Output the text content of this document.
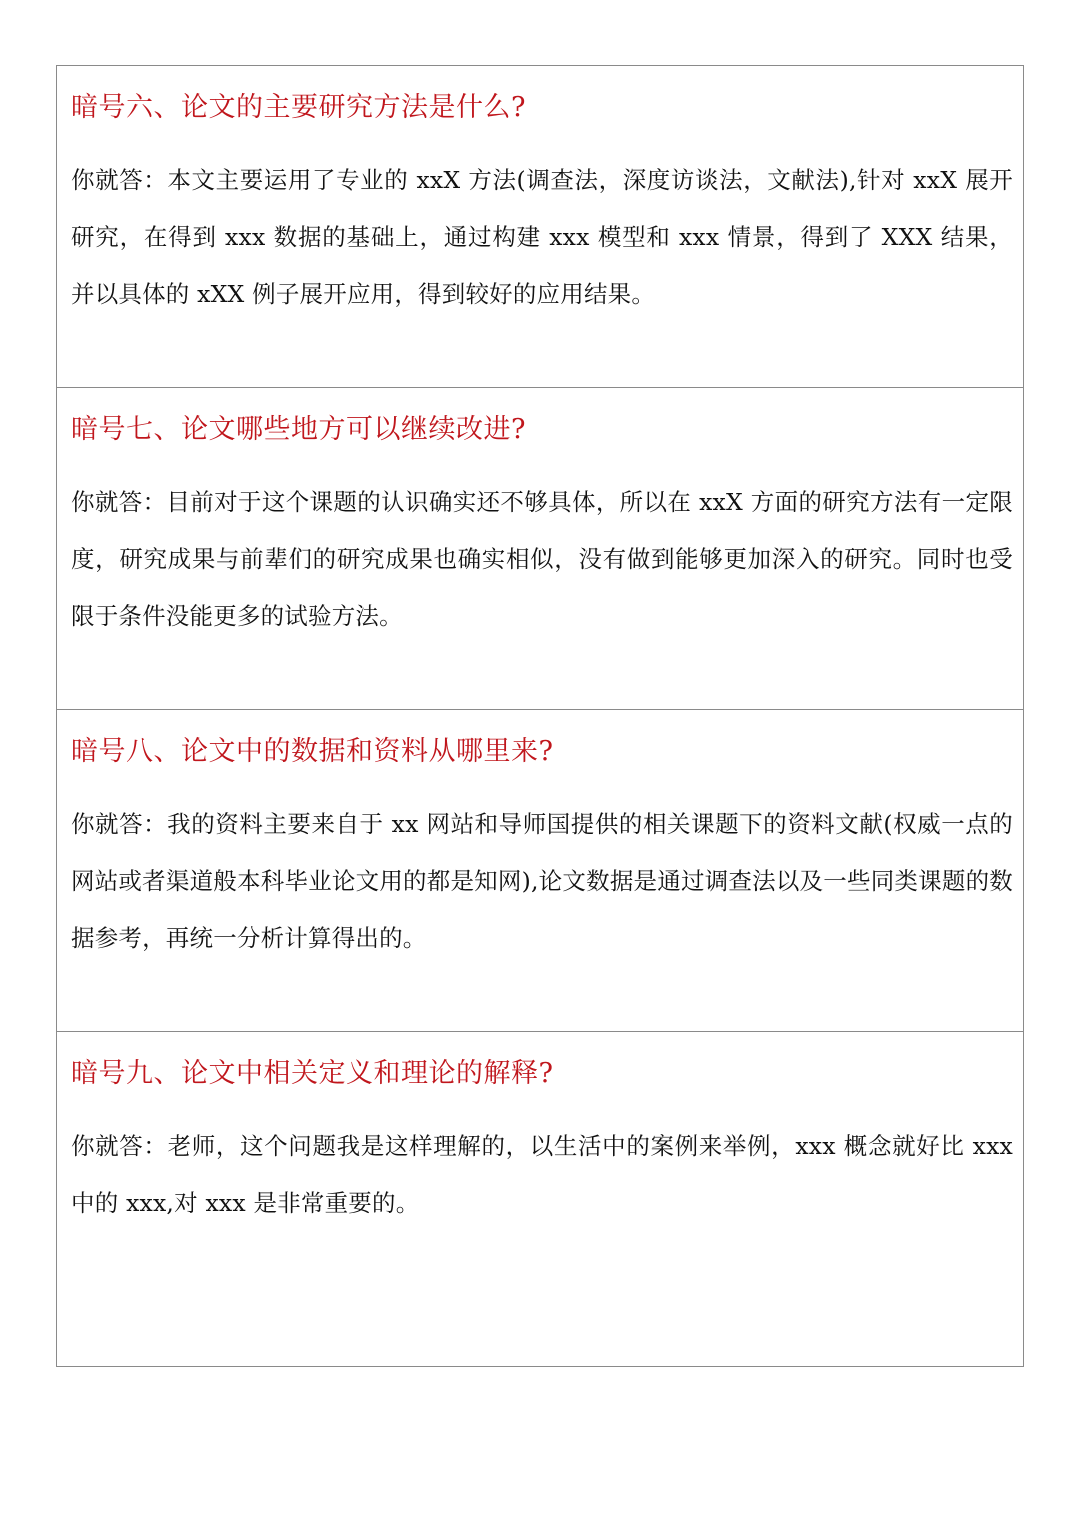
暗号六、论文的主要研究方法是什么?

你就答：本文主要运用了专业的 xxX 方法(调查法，深度访谈法，文献法),针对 xxX 展开研究，在得到 xxx 数据的基础上，通过构建 xxx 模型和 xxx 情景，得到了 XXX 结果，并以具体的 xXX 例子展开应用，得到较好的应用结果。

暗号七、论文哪些地方可以继续改进?

你就答：目前对于这个课题的认识确实还不够具体，所以在 xxX 方面的研究方法有一定限度，研究成果与前辈们的研究成果也确实相似，没有做到能够更加深入的研究。同时也受限于条件没能更多的试验方法。

暗号八、论文中的数据和资料从哪里来?

你就答：我的资料主要来自于 xx 网站和导师国提供的相关课题下的资料文献(权威一点的网站或者渠道般本科毕业论文用的都是知网),论文数据是通过调查法以及一些同类课题的数据参考，再统一分析计算得出的。

暗号九、论文中相关定义和理论的解释?

你就答：老师，这个问题我是这样理解的，以生活中的案例来举例，xxx 概念就好比 xxx 中的 xxx,对 xxx 是非常重要的。
